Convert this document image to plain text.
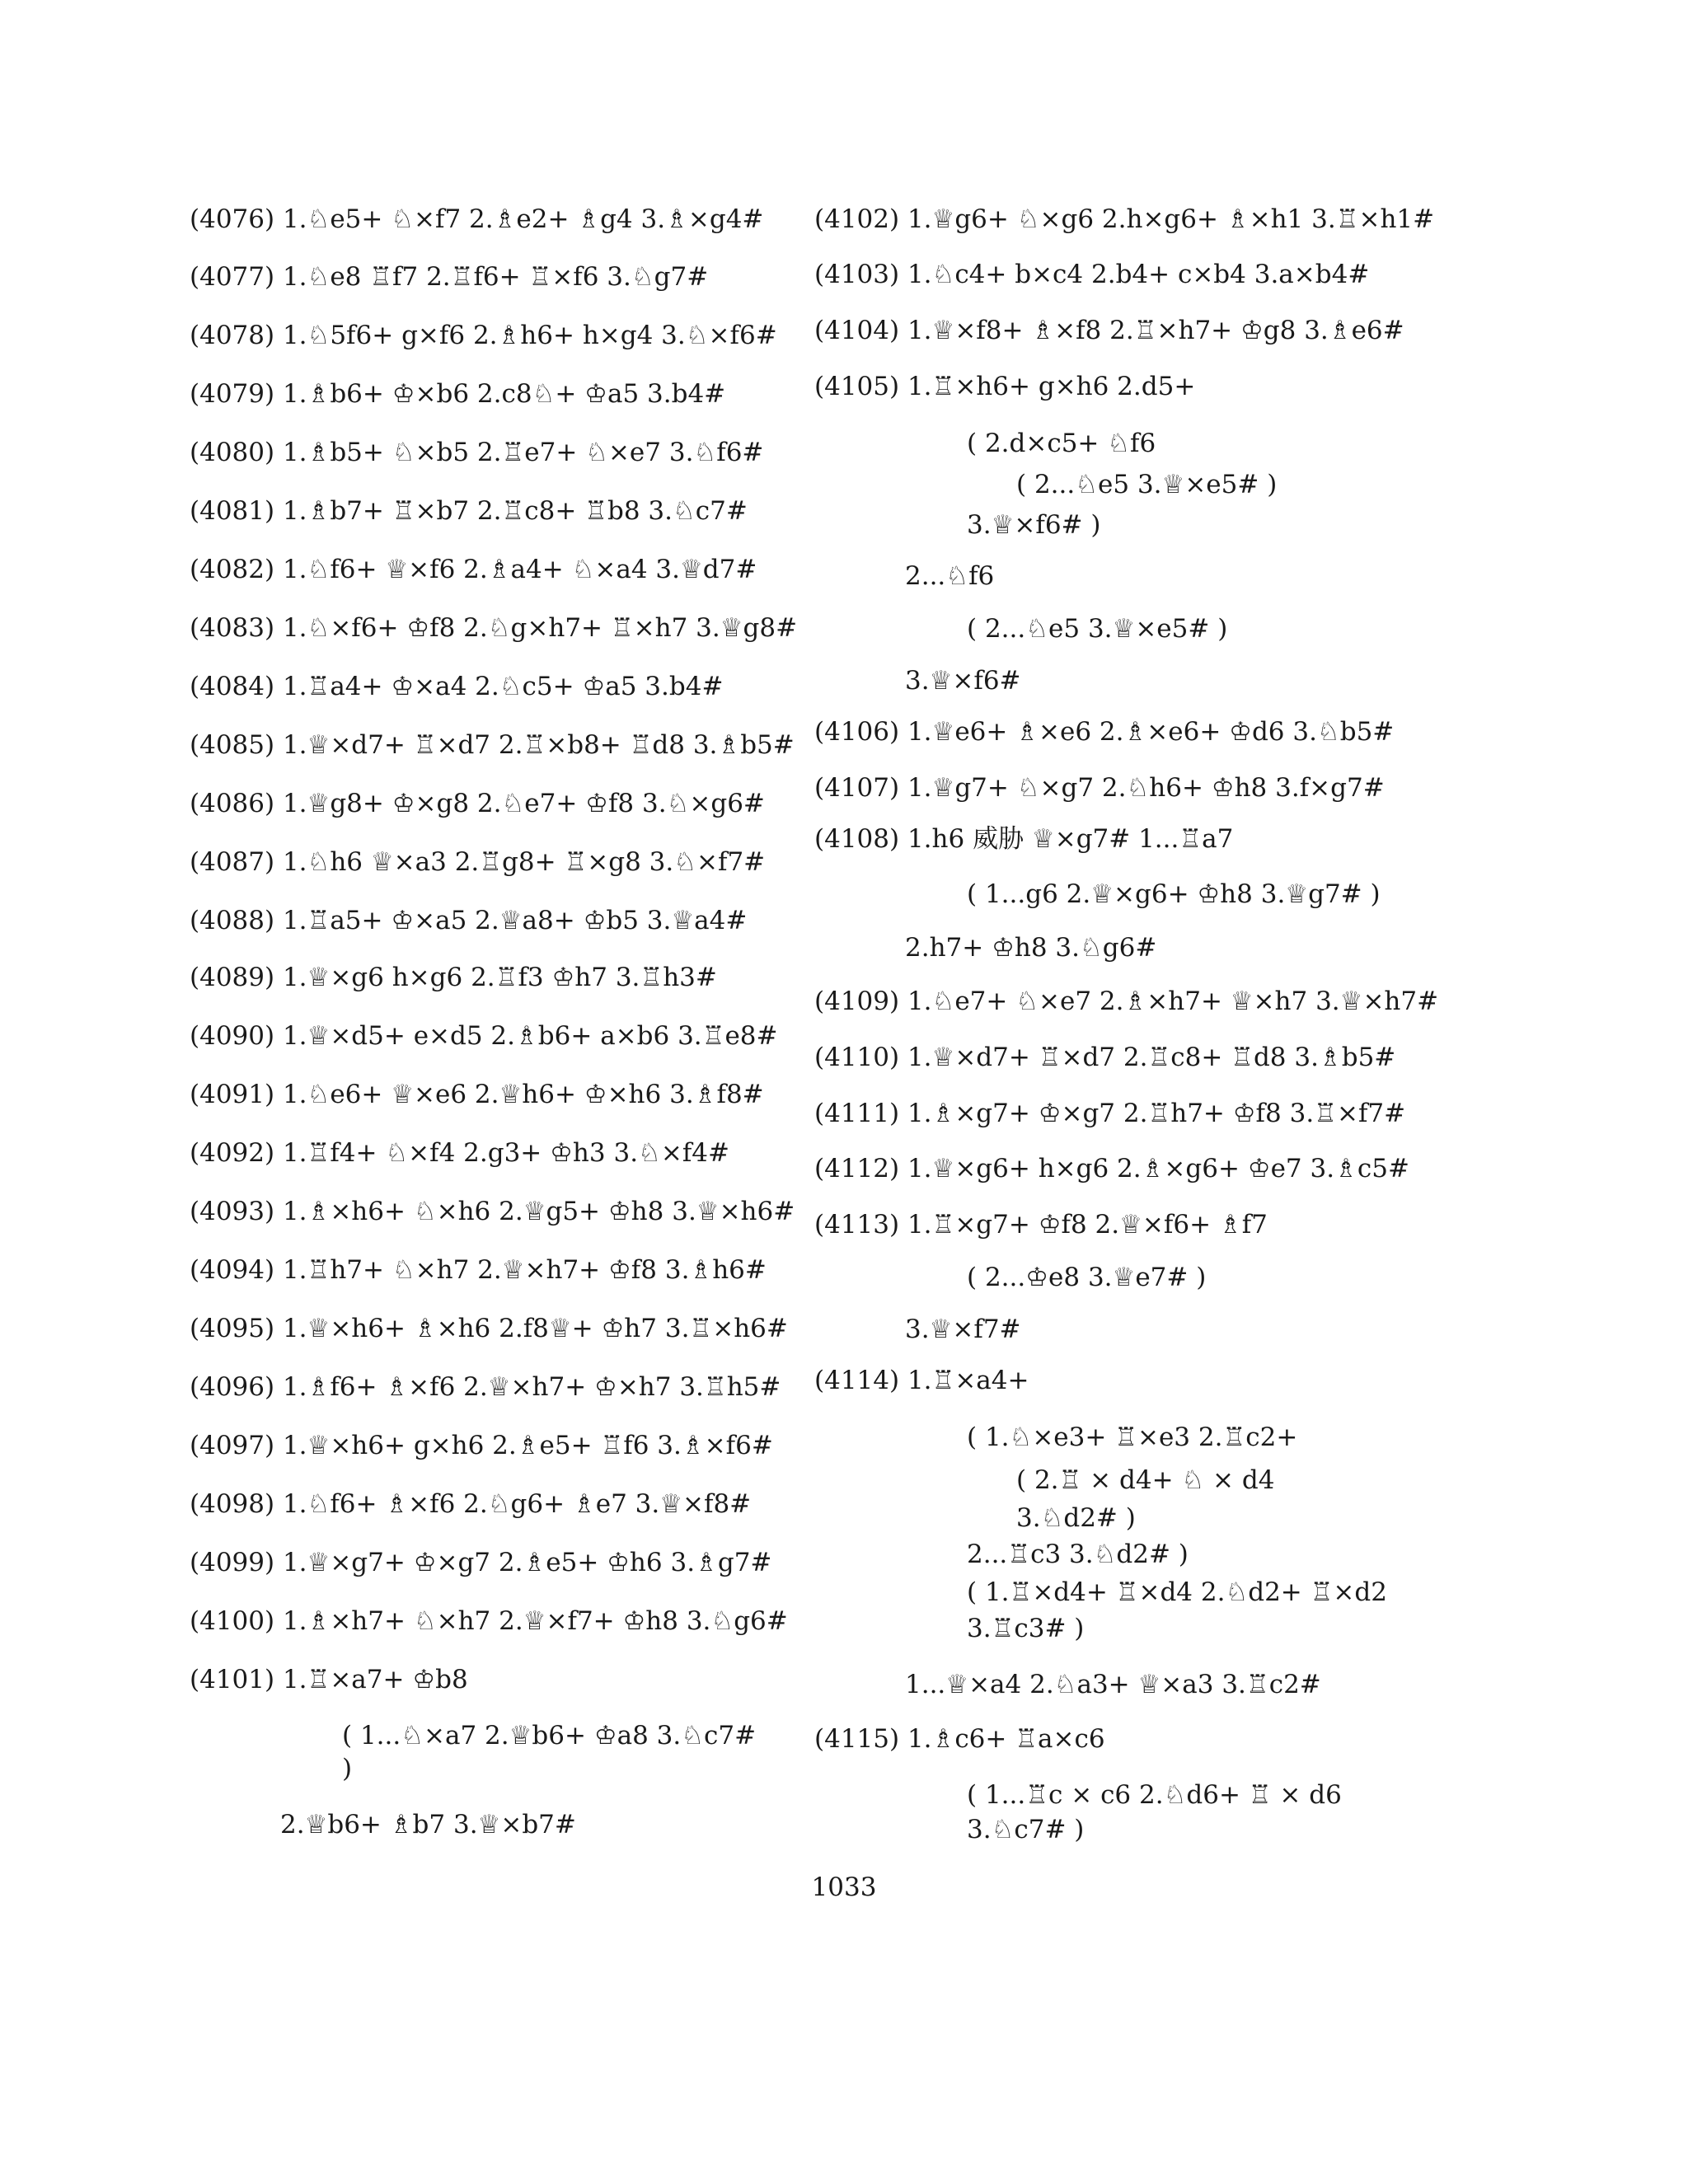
(4076) 1.♘e5+ ♘×f7 2.♗e2+ ♗g4 3.♗×g4#
(4077) 1.♘e8 ♖f7 2.♖f6+ ♖×f6 3.♘g7#
(4078) 1.♘5f6+ g×f6 2.♗h6+ h×g4 3.♘×f6#
(4079) 1.♗b6+ ♔×b6 2.c8♘+ ♔a5 3.b4#
(4080) 1.♗b5+ ♘×b5 2.♖e7+ ♘×e7 3.♘f6#
(4081) 1.♗b7+ ♖×b7 2.♖c8+ ♖b8 3.♘c7#
(4082) 1.♘f6+ ♕×f6 2.♗a4+ ♘×a4 3.♕d7#
(4083) 1.♘×f6+ ♔f8 2.♘g×h7+ ♖×h7 3.♕g8#
(4084) 1.♖a4+ ♔×a4 2.♘c5+ ♔a5 3.b4#
(4085) 1.♕×d7+ ♖×d7 2.♖×b8+ ♖d8 3.♗b5#
(4086) 1.♕g8+ ♔×g8 2.♘e7+ ♔f8 3.♘×g6#
(4087) 1.♘h6 ♕×a3 2.♖g8+ ♖×g8 3.♘×f7#
(4088) 1.♖a5+ ♔×a5 2.♕a8+ ♔b5 3.♕a4#
(4089) 1.♕×g6 h×g6 2.♖f3 ♔h7 3.♖h3#
(4090) 1.♕×d5+ e×d5 2.♗b6+ a×b6 3.♖e8#
(4091) 1.♘e6+ ♕×e6 2.♕h6+ ♔×h6 3.♗f8#
(4092) 1.♖f4+ ♘×f4 2.g3+ ♔h3 3.♘×f4#
(4093) 1.♗×h6+ ♘×h6 2.♕g5+ ♔h8 3.♕×h6#
(4094) 1.♖h7+ ♘×h7 2.♕×h7+ ♔f8 3.♗h6#
(4095) 1.♕×h6+ ♗×h6 2.f8♕+ ♔h7 3.♖×h6#
(4096) 1.♗f6+ ♗×f6 2.♕×h7+ ♔×h7 3.♖h5#
(4097) 1.♕×h6+ g×h6 2.♗e5+ ♖f6 3.♗×f6#
(4098) 1.♘f6+ ♗×f6 2.♘g6+ ♗e7 3.♕×f8#
(4099) 1.♕×g7+ ♔×g7 2.♗e5+ ♔h6 3.♗g7#
(4100) 1.♗×h7+ ♘×h7 2.♕×f7+ ♔h8 3.♘g6#
(4101) 1.♖×a7+ ♔b8
( 1...♘×a7 2.♕b6+ ♔a8 3.♘c7#
)
2.♕b6+ ♗b7 3.♕×b7#
(4102) 1.♕g6+ ♘×g6 2.h×g6+ ♗×h1 3.♖×h1#
(4103) 1.♘c4+ b×c4 2.b4+ c×b4 3.a×b4#
(4104) 1.♕×f8+ ♗×f8 2.♖×h7+ ♔g8 3.♗e6#
(4105) 1.♖×h6+ g×h6 2.d5+
( 2.d×c5+ ♘f6
( 2...♘e5 3.♕×e5# )
3.♕×f6# )
2...♘f6
( 2...♘e5 3.♕×e5# )
3.♕×f6#
(4106) 1.♕e6+ ♗×e6 2.♗×e6+ ♔d6 3.♘b5#
(4107) 1.♕g7+ ♘×g7 2.♘h6+ ♔h8 3.f×g7#
(4108) 1.h6 威胁 ♕×g7# 1...♖a7
( 1...g6 2.♕×g6+ ♔h8 3.♕g7# )
2.h7+ ♔h8 3.♘g6#
(4109) 1.♘e7+ ♘×e7 2.♗×h7+ ♕×h7 3.♕×h7#
(4110) 1.♕×d7+ ♖×d7 2.♖c8+ ♖d8 3.♗b5#
(4111) 1.♗×g7+ ♔×g7 2.♖h7+ ♔f8 3.♖×f7#
(4112) 1.♕×g6+ h×g6 2.♗×g6+ ♔e7 3.♗c5#
(4113) 1.♖×g7+ ♔f8 2.♕×f6+ ♗f7
( 2...♔e8 3.♕e7# )
3.♕×f7#
(4114) 1.♖×a4+
( 1.♘×e3+ ♖×e3 2.♖c2+
( 2.♖ × d4+ ♘ × d4
3.♘d2# )
2...♖c3 3.♘d2# )
( 1.♖×d4+ ♖×d4 2.♘d2+ ♖×d2
3.♖c3# )
1...♕×a4 2.♘a3+ ♕×a3 3.♖c2#
(4115) 1.♗c6+ ♖a×c6
( 1...♖c × c6 2.♘d6+ ♖ × d6
3.♘c7# )
1033
